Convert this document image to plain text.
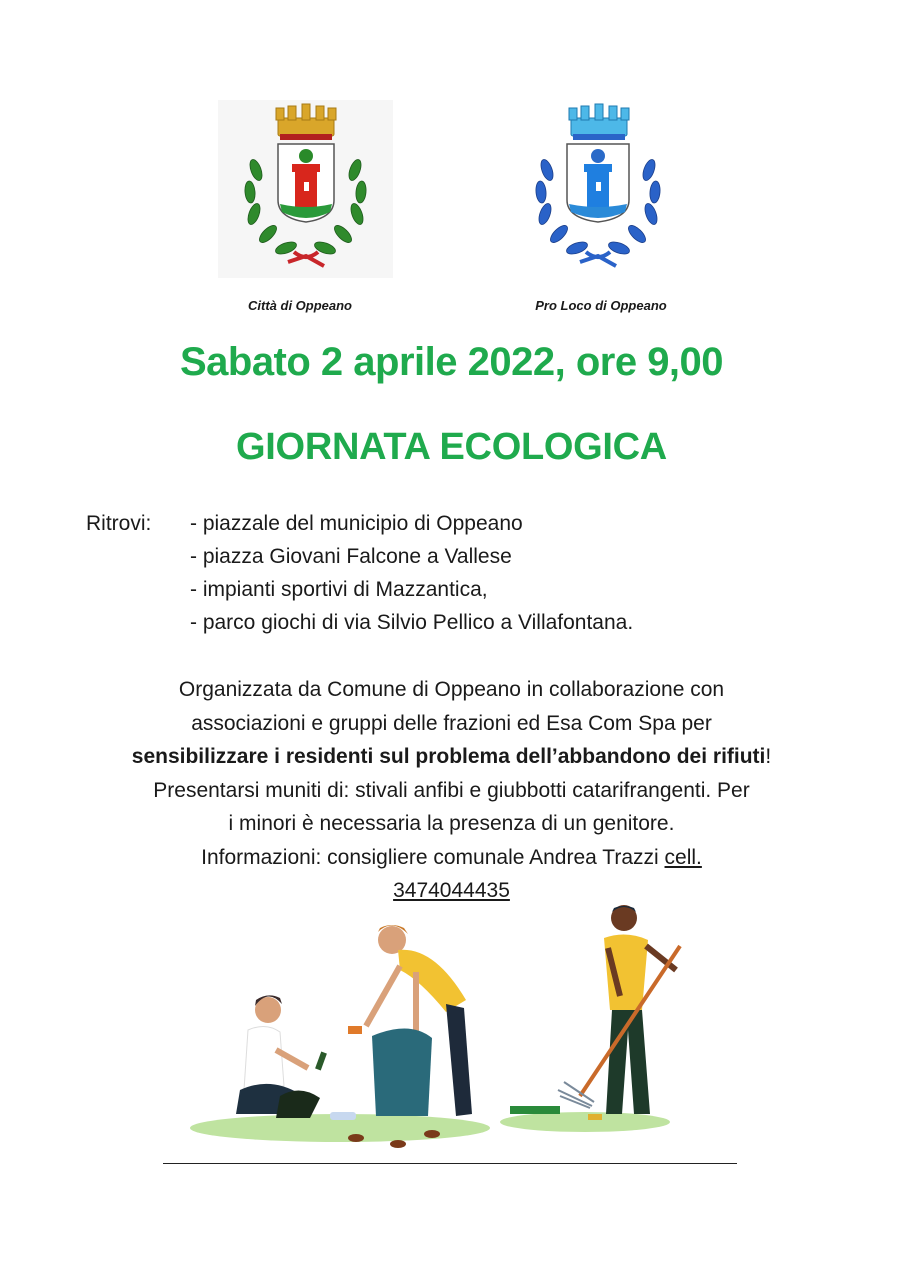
Città di Oppeano	Pro Loco di Oppeano
Sabato 2 aprile 2022, ore 9,00
GIORNATA ECOLOGICA
Ritrovi:	- piazzale del municipio di Oppeano
- piazza Giovani Falcone a Vallese
- impianti sportivi di Mazzantica,
- parco giochi di via Silvio Pellico a Villafontana.

Organizzata da Comune di Oppeano in collaborazione con

associazioni e gruppi delle frazioni ed Esa Com Spa per

sensibilizzare i residenti sul problema dell’abbandono dei rifiuti!

Presentarsi muniti di: stivali anfibi e giubbotti catarifrangenti. Per

i minori è necessaria la presenza di un genitore.

Informazioni: consigliere comunale Andrea Trazzi cell.

3474044435
